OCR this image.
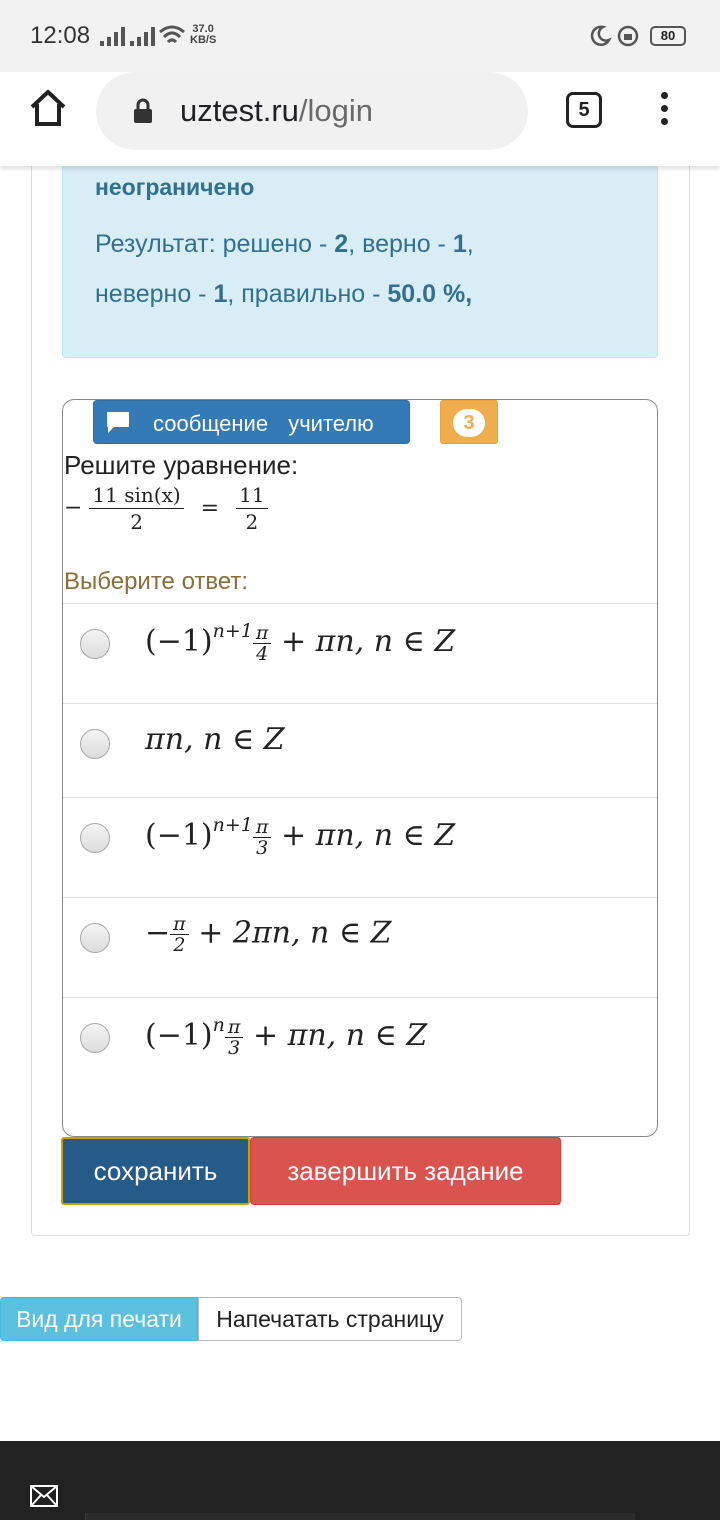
12:08	37.0
KB/S	80
uztest.ru/login	5
неограничено
Результат: решено - 2, верно - 1,
неверно - 1, правильно - 50.0 %,
сообщение учителю	3
Решите уравнение:
− $\frac{11 \sin(x)}{2} = \frac{11}{2}$
Выберите ответ:
$(-1)^{n+1} \frac{\pi}{4} + \pi n$, n ∈ Z
πn, n ∈ Z
$(-1)^{n+1} \frac{\pi}{3} + \pi n$, n ∈ Z
− $\frac{\pi}{2} + 2\pi n$, n ∈ Z
$(-1)^n \frac{\pi}{3} + \pi n$, n ∈ Z
сохранить	завершить задание
Вид для печати	Напечатать страницу
